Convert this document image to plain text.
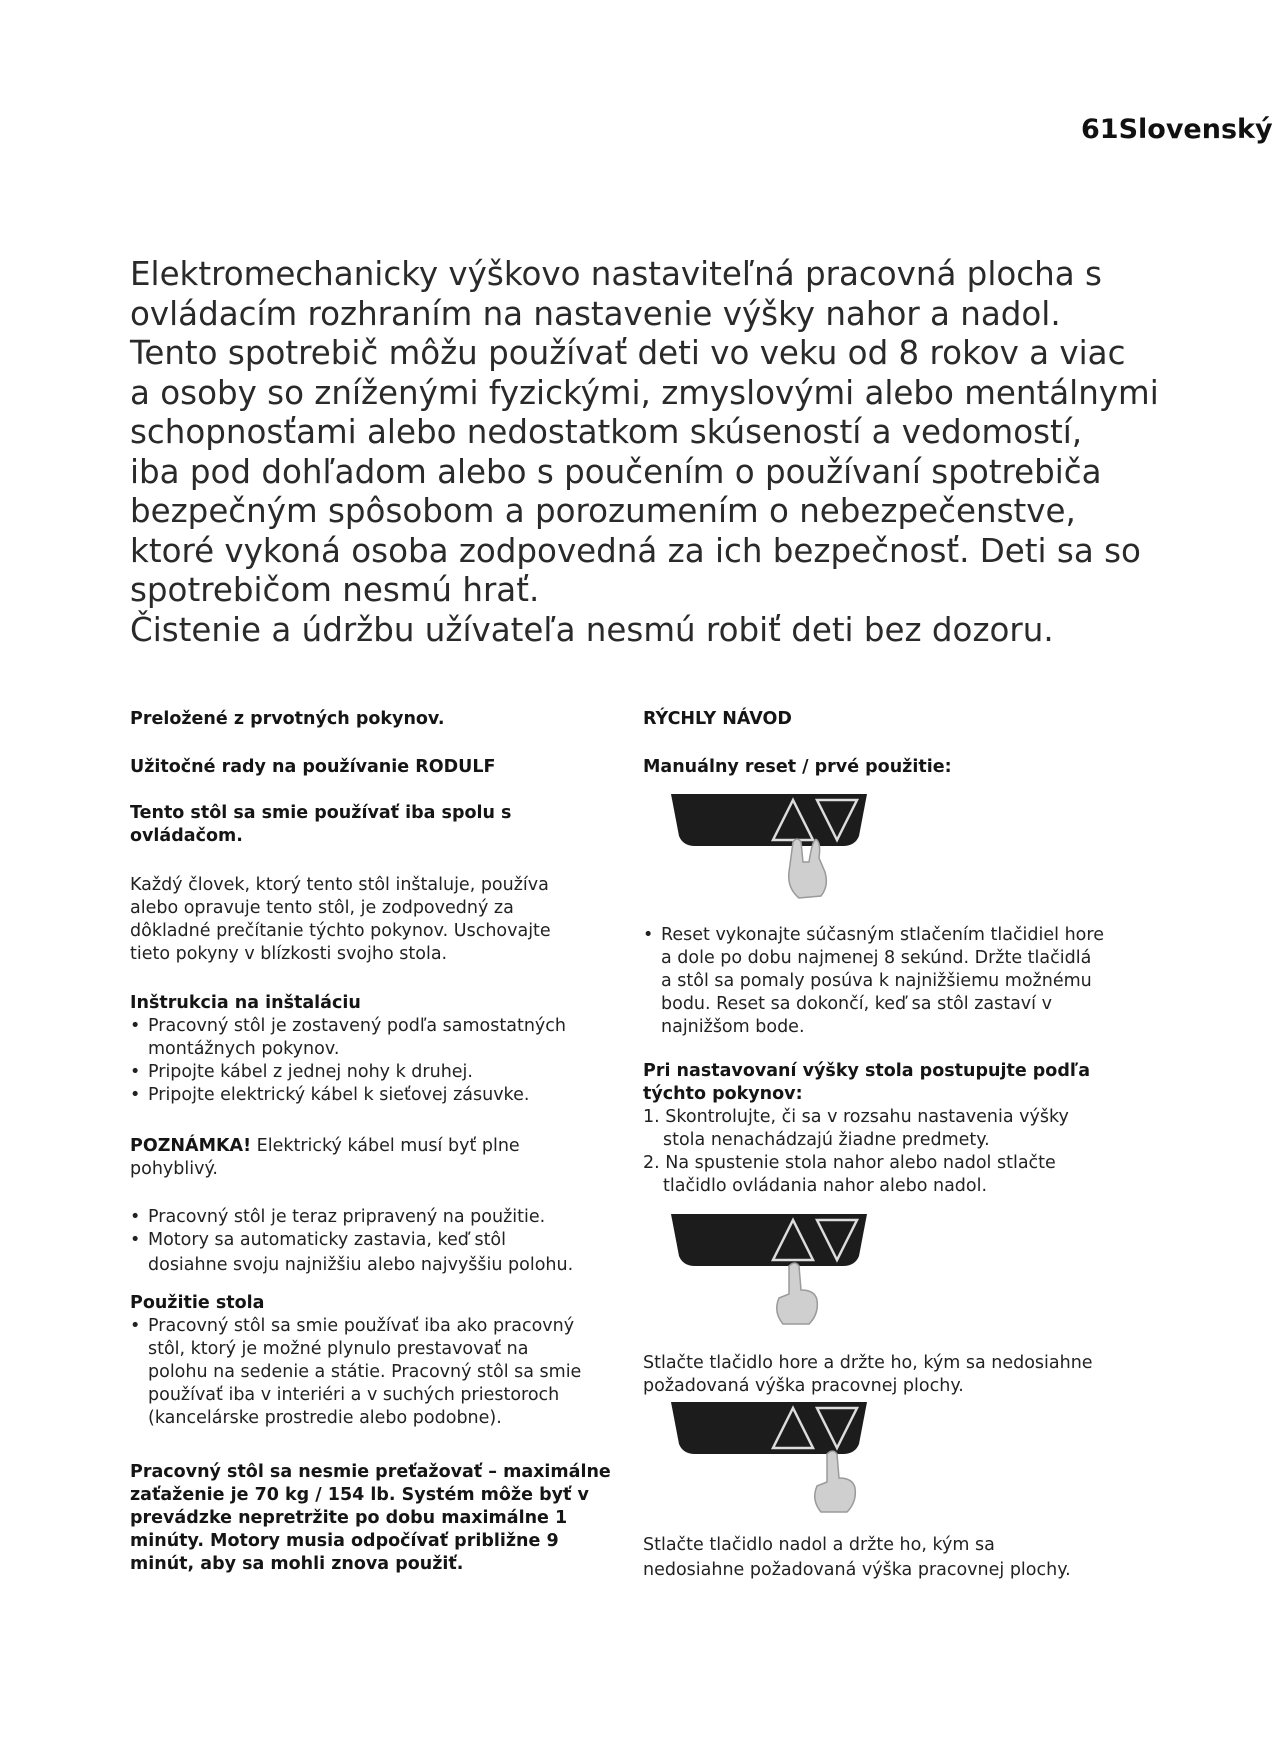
61Slovenský

Elektromechanicky výškovo nastaviteľná pracovná plocha s

ovládacím rozhraním na nastavenie výšky nahor a nadol.

Tento spotrebič môžu používať deti vo veku od 8 rokov a viac

a osoby so zníženými fyzickými, zmyslovými alebo mentálnymi

schopnosťami alebo nedostatkom skúseností a vedomostí,

iba pod dohľadom alebo s poučením o používaní spotrebiča

bezpečným spôsobom a porozumením o nebezpečenstve,

ktoré vykoná osoba zodpovedná za ich bezpečnosť. Deti sa so

spotrebičom nesmú hrať.

Čistenie a údržbu užívateľa nesmú robiť deti bez dozoru.

Preložené z prvotných pokynov.
Užitočné rady na používanie RODULF
Tento stôl sa smie používať iba spolu s
ovládačom.
Každý človek, ktorý tento stôl inštaluje, používa
alebo opravuje tento stôl, je zodpovedný za
dôkladné prečítanie týchto pokynov. Uschovajte
tieto pokyny v blízkosti svojho stola.
Inštrukcia na inštaláciu
• Pracovný stôl je zostavený podľa samostatných
montážnych pokynov.
• Pripojte kábel z jednej nohy k druhej.
• Pripojte elektrický kábel k sieťovej zásuvke.
POZNÁMKA! Elektrický kábel musí byť plne
pohyblivý.
• Pracovný stôl je teraz pripravený na použitie.
• Motory sa automaticky zastavia, keď stôl
dosiahne svoju najnižšiu alebo najvyššiu polohu.
Použitie stola
• Pracovný stôl sa smie používať iba ako pracovný
stôl, ktorý je možné plynulo prestavovať na
polohu na sedenie a státie. Pracovný stôl sa smie
používať iba v interiéri a v suchých priestoroch
(kancelárske prostredie alebo podobne).
Pracovný stôl sa nesmie preťažovať – maximálne
zaťaženie je 70 kg / 154 lb. Systém môže byť v
prevádzke nepretržite po dobu maximálne 1
minúty. Motory musia odpočívať približne 9
minút, aby sa mohli znova použiť.
RÝCHLY NÁVOD
Manuálny reset / prvé použitie:
• Reset vykonajte súčasným stlačením tlačidiel hore
a dole po dobu najmenej 8 sekúnd. Držte tlačidlá
a stôl sa pomaly posúva k najnižšiemu možnému
bodu. Reset sa dokončí, keď sa stôl zastaví v
najnižšom bode.
Pri nastavovaní výšky stola postupujte podľa
týchto pokynov:
1. Skontrolujte, či sa v rozsahu nastavenia výšky
stola nenachádzajú žiadne predmety.
2. Na spustenie stola nahor alebo nadol stlačte
tlačidlo ovládania nahor alebo nadol.
Stlačte tlačidlo hore a držte ho, kým sa nedosiahne
požadovaná výška pracovnej plochy.
Stlačte tlačidlo nadol a držte ho, kým sa
nedosiahne požadovaná výška pracovnej plochy.
